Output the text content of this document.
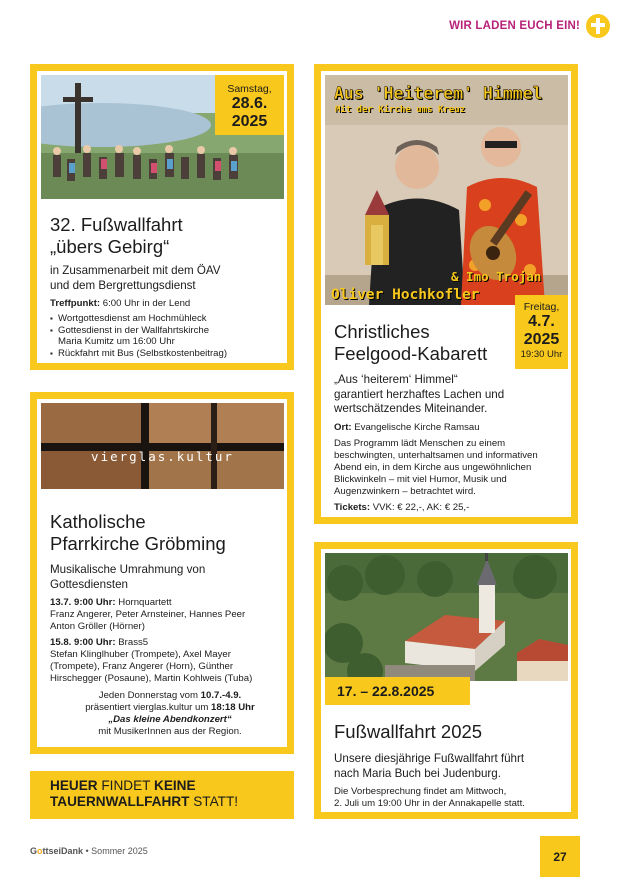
WIR LADEN EUCH EIN!
Samstag,
28.6.
2025
32. Fußwallfahrt
„übers Gebirg“
in Zusammenarbeit mit dem ÖAV
und dem Bergrettungsdienst
Treffpunkt: 6:00 Uhr in der Lend
▪ Wortgottesdienst am Hochmühleck
▪ Gottesdienst in der Wallfahrtskirche
Maria Kumitz um 16:00 Uhr
▪ Rückfahrt mit Bus (Selbstkostenbeitrag)
Aus 'Heiterem' Himmel
Mit der Kirche ums Kreuz
& Imo Trojan
Oliver Hochkofler
Freitag,
4.7.
2025
19:30 Uhr
Christliches
Feelgood-Kabarett
„Aus ‘heiterem‘ Himmel“
garantiert herzhaftes Lachen und
wertschätzendes Miteinander.
Ort: Evangelische Kirche Ramsau
Das Programm lädt Menschen zu einem
beschwingten, unterhaltsamen und informativen
Abend ein, in dem Kirche aus ungewöhnlichen
Blickwinkeln – mit viel Humor, Musik und
Augenzwinkern – betrachtet wird.
Tickets: VVK: € 22,-, AK: € 25,-
vierglas.kultur
Katholische
Pfarrkirche Gröbming
Musikalische Umrahmung von
Gottesdiensten
13.7. 9:00 Uhr: Hornquartett
Franz Angerer, Peter Arnsteiner, Hannes Peer
Anton Gröller (Hörner)
15.8. 9:00 Uhr: Brass5
Stefan Klinglhuber (Trompete), Axel Mayer
(Trompete), Franz Angerer (Horn), Günther
Hirschegger (Posaune), Martin Kohlweis (Tuba)
Jeden Donnerstag vom 10.7.-4.9.
präsentiert vierglas.kultur um 18:18 Uhr
„Das kleine Abendkonzert“
mit MusikerInnen aus der Region.
17. – 22.8.2025
Fußwallfahrt 2025
Unsere diesjährige Fußwallfahrt führt
nach Maria Buch bei Judenburg.
Die Vorbesprechung findet am Mittwoch,
2. Juli um 19:00 Uhr in der Annakapelle statt.
HEUER FINDET KEINE
TAUERNWALLFAHRT STATT!
GottseiDank • Sommer 2025	27
